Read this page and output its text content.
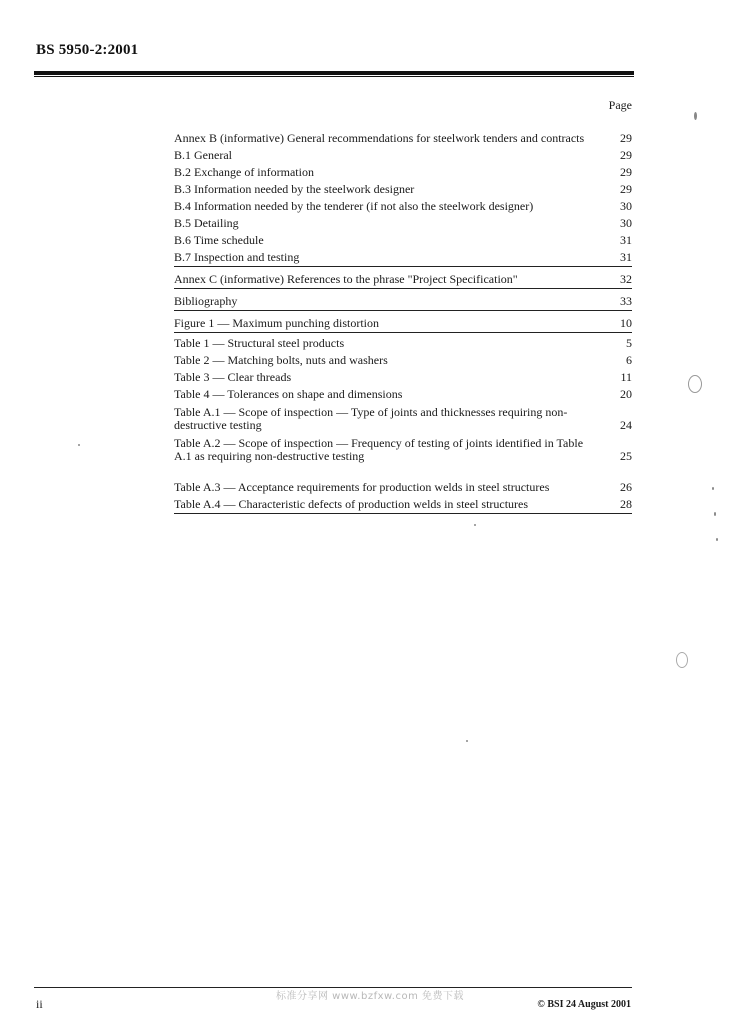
BS 5950-2:2001
Page
Annex B (informative) General recommendations for steelwork tenders and contracts	29
B.1 General	29
B.2 Exchange of information	29
B.3 Information needed by the steelwork designer	29
B.4 Information needed by the tenderer (if not also the steelwork designer)	30
B.5 Detailing	30
B.6 Time schedule	31
B.7 Inspection and testing	31
Annex C (informative) References to the phrase "Project Specification"	32
Bibliography	33
Figure 1 — Maximum punching distortion	10
Table 1 — Structural steel products	5
Table 2 — Matching bolts, nuts and washers	6
Table 3 — Clear threads	11
Table 4 — Tolerances on shape and dimensions	20
Table A.1 — Scope of inspection — Type of joints and thicknesses requiring non-destructive testing	24
Table A.2 — Scope of inspection — Frequency of testing of joints identified in Table A.1 as requiring non-destructive testing	25
Table A.3 — Acceptance requirements for production welds in steel structures	26
Table A.4 — Characteristic defects of production welds in steel structures	28
ii
标准分享网 www.bzfxw.com 免费下载
© BSI 24 August 2001
